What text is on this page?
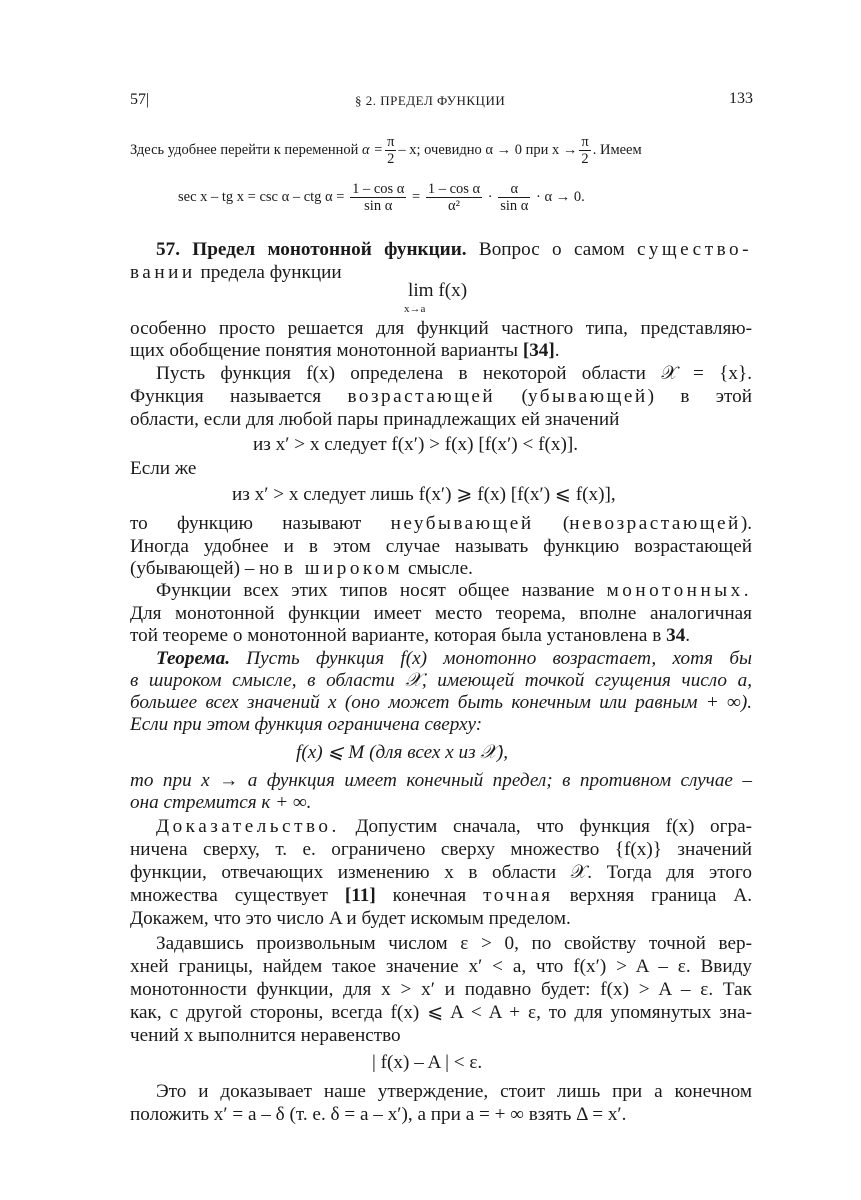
57|	§ 2. ПРЕДЕЛ ФУНКЦИИ	133
Здесь удобнее перейти к переменной $\alpha = \frac{\pi}{2} - x$; очевидно α → 0 при $x \to \frac{\pi}{2}$ . Имеем
sec x – tg x = csc α – ctg $\alpha = \frac{\text{1 – cos α}}{\text{sin α}} = \frac{\text{1 – cos α}}{\text{α²}} \cdot \frac{\alpha}{\text{sin α}} \cdot \alpha \to 0$.
57. Предел монотонной функции. Вопрос о самом существо-
вании предела функции
lim f(x)
x→a
особенно просто решается для функций частного типа, представляю-
щих обобщение понятия монотонной варианты [34].
Пусть функция f(x) определена в некоторой области 𝒳 = {x}.
Функция называется возрастающей (убывающей) в этой
области, если для любой пары принадлежащих ей значений
из x′ > x следует f(x′) > f(x) [f(x′) < f(x)].
Если же
из x′ > x следует лишь f(x′) ⩾ f(x) [f(x′) ⩽ f(x)],
то функцию называют неубывающей (невозрастающей).
Иногда удобнее и в этом случае называть функцию возрастающей
(убывающей) – но в широком смысле.
Функции всех этих типов носят общее название монотонных.
Для монотонной функции имеет место теорема, вполне аналогичная
той теореме о монотонной варианте, которая была установлена в 34.
Теорема. Пусть функция f(x) монотонно возрастает, хотя бы
в широком смысле, в области 𝒳, имеющей точкой сгущения число a,
большее всех значений x (оно может быть конечным или равным + ∞).
Если при этом функция ограничена сверху:
f(x) ⩽ M (для всех x из 𝒳),
то при x → a функция имеет конечный предел; в противном случае –
она стремится к + ∞.
Доказательство. Допустим сначала, что функция f(x) огра-
ничена сверху, т. е. ограничено сверху множество {f(x)} значений
функции, отвечающих изменению x в области 𝒳. Тогда для этого
множества существует [11] конечная точная верхняя граница A.
Докажем, что это число A и будет искомым пределом.
Задавшись произвольным числом ε > 0, по свойству точной вер-
хней границы, найдем такое значение x′ < a, что f(x′) > A – ε. Ввиду
монотонности функции, для x > x′ и подавно будет: f(x) > A – ε. Так
как, с другой стороны, всегда f(x) ⩽ A < A + ε, то для упомянутых зна-
чений x выполнится неравенство
| f(x) – A | < ε.
Это и доказывает наше утверждение, стоит лишь при a конечном
положить x′ = a – δ (т. е. δ = a – x′), а при a = + ∞ взять Δ = x′.
